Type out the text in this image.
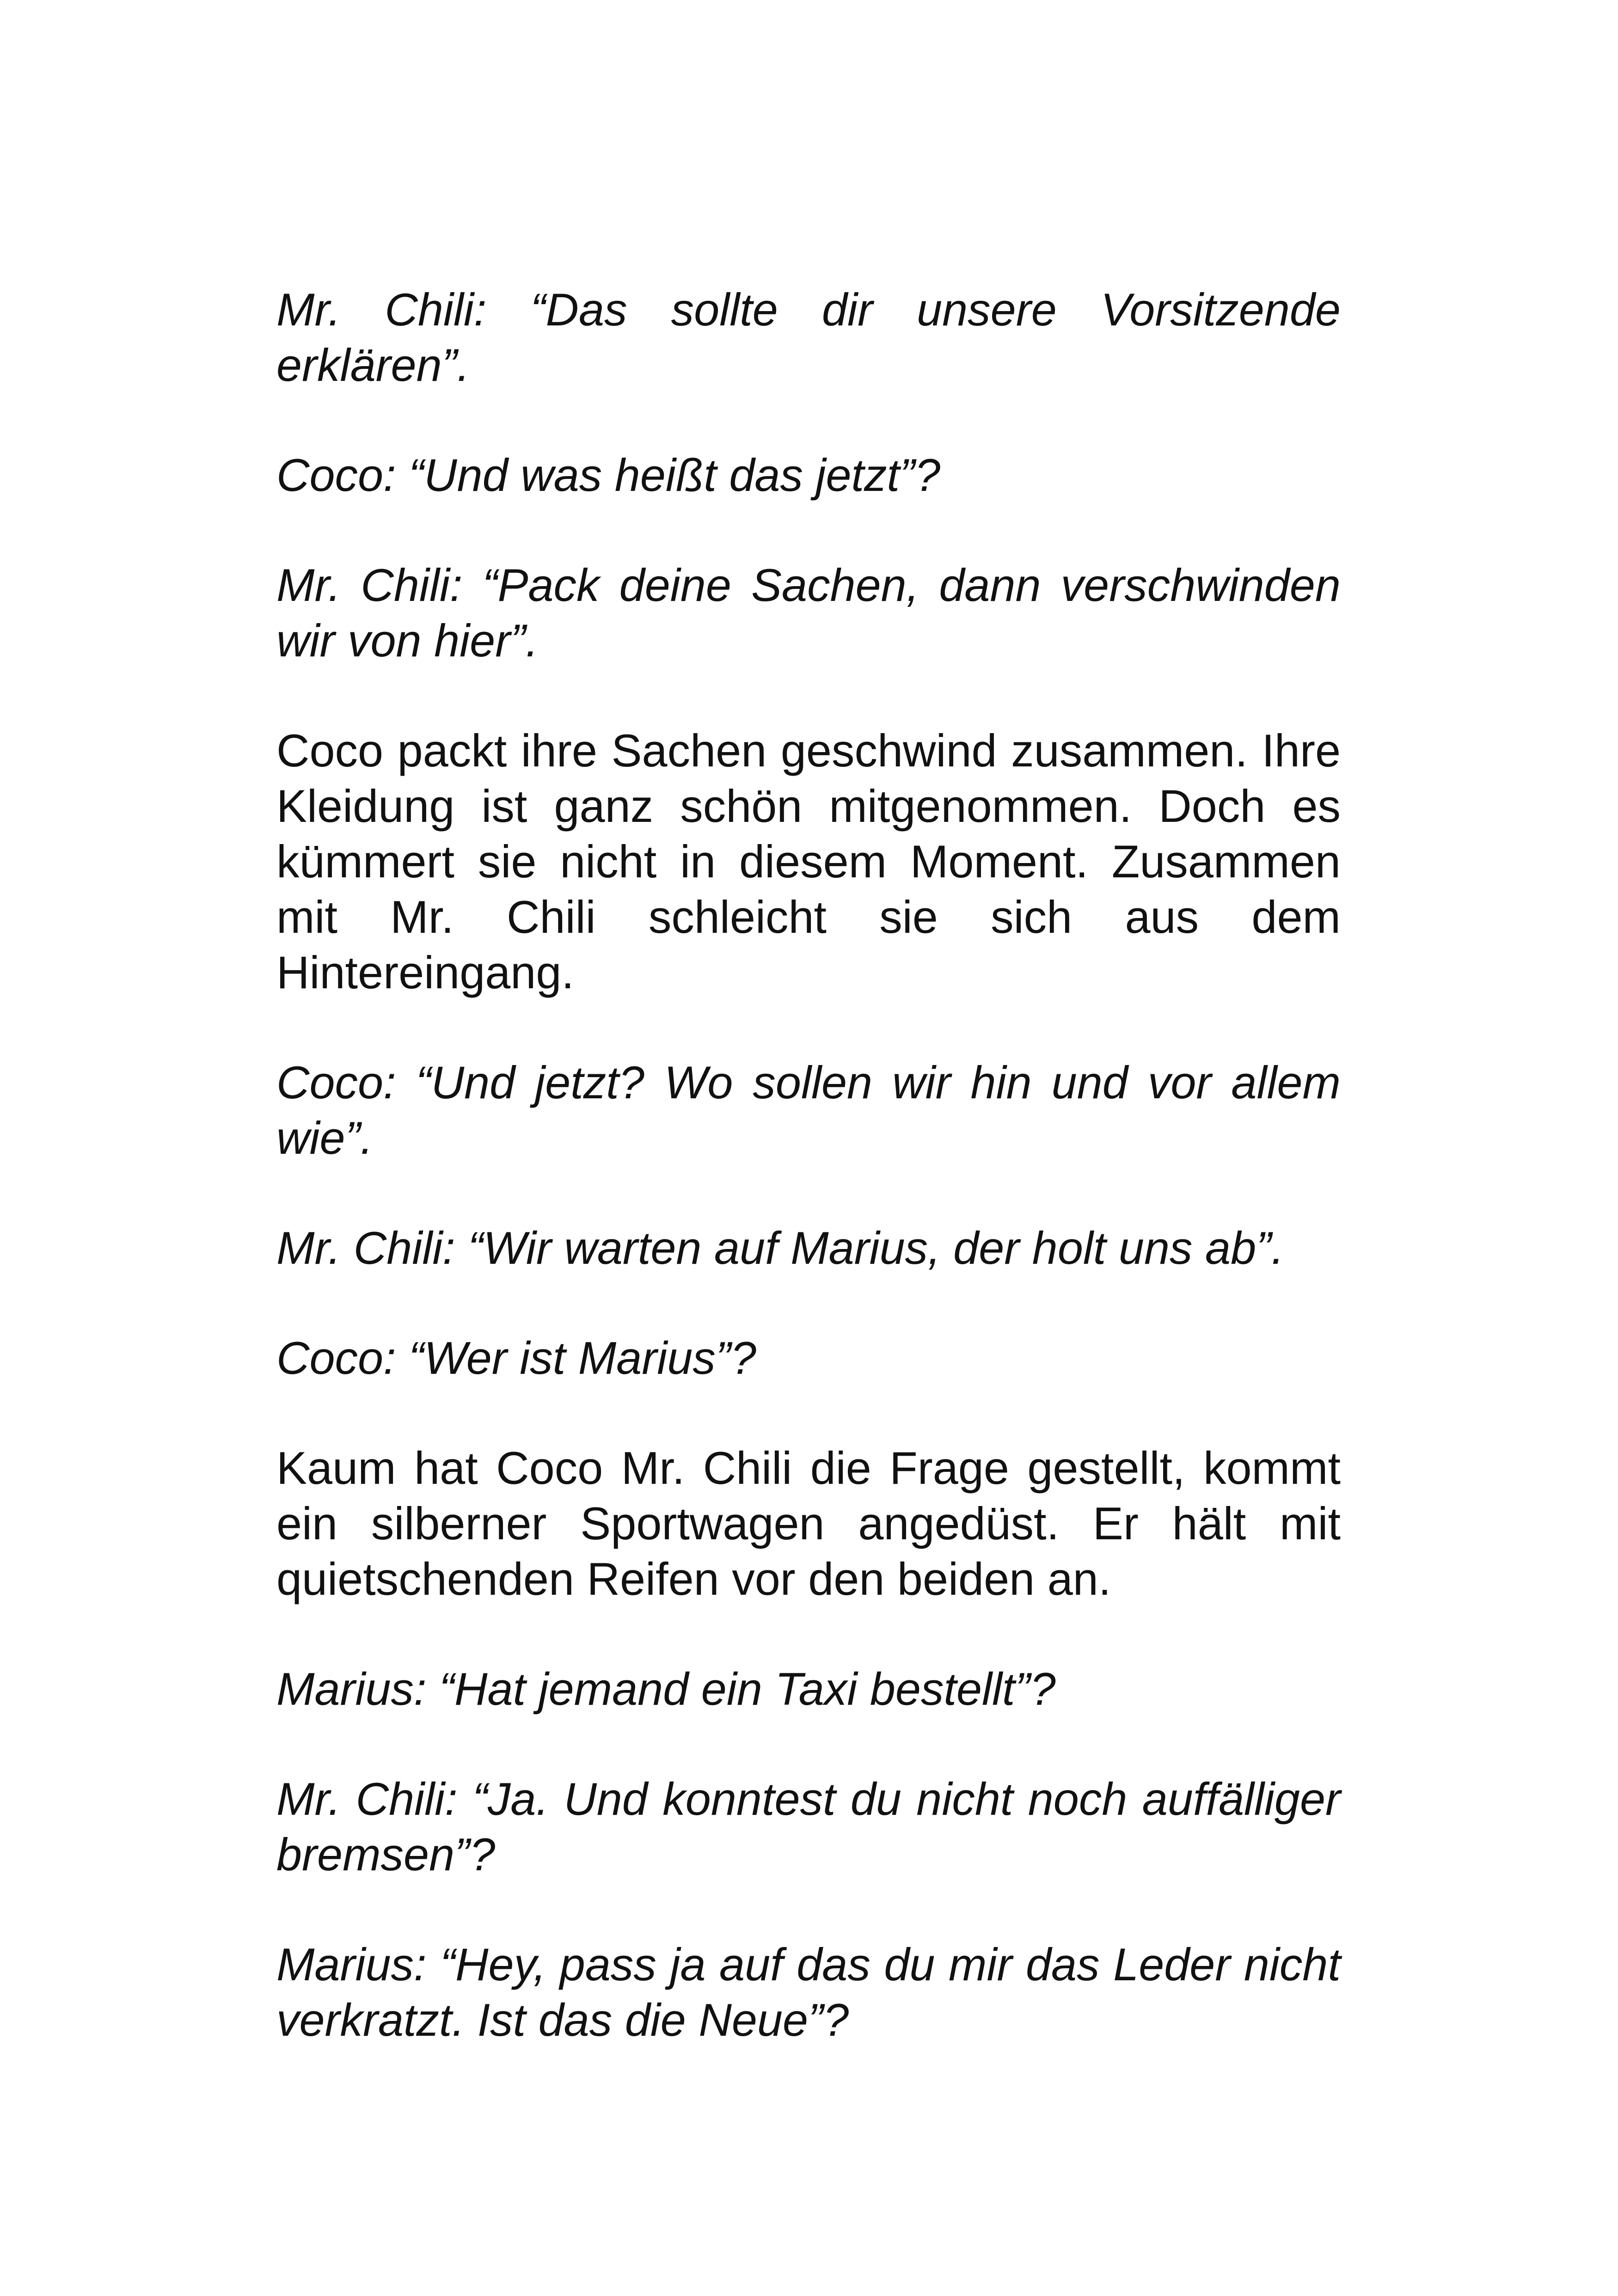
Mr. Chili: “Das sollte dir unsere Vorsitzende erklären”.

Coco: “Und was heißt das jetzt”?

Mr. Chili: “Pack deine Sachen, dann verschwinden wir von hier”.

Coco packt ihre Sachen geschwind zusammen. Ihre Kleidung ist ganz schön mitgenommen. Doch es kümmert sie nicht in diesem Moment. Zusammen mit Mr. Chili schleicht sie sich aus dem Hintereingang.

Coco: “Und jetzt? Wo sollen wir hin und vor allem wie”.

Mr. Chili: “Wir warten auf Marius, der holt uns ab”.

Coco: “Wer ist Marius”?

Kaum hat Coco Mr. Chili die Frage gestellt, kommt ein silberner Sportwagen angedüst. Er hält mit quietschenden Reifen vor den beiden an.

Marius: “Hat jemand ein Taxi bestellt”?

Mr. Chili: “Ja. Und konntest du nicht noch auffälliger bremsen”?

Marius: “Hey, pass ja auf das du mir das Leder nicht verkratzt. Ist das die Neue”?
